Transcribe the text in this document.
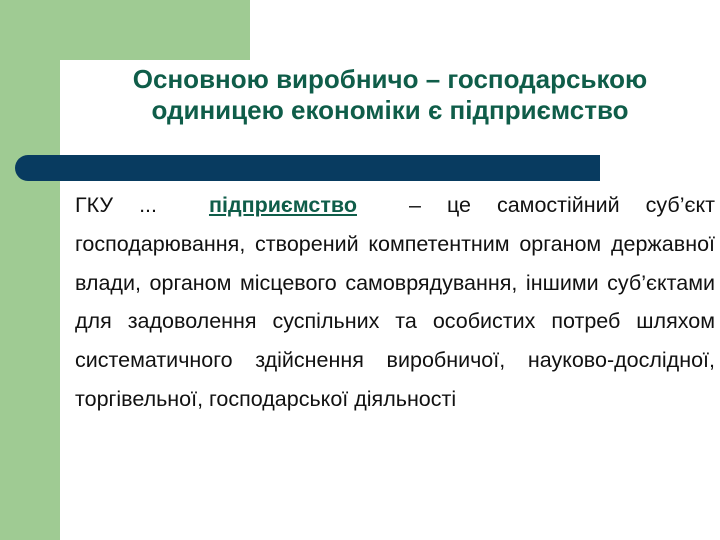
Основною виробничо – господарською
одиницею економіки є підприємство
ГКУ ... підприємство – це самостійний суб’єкт господарювання, створений компетентним органом державної влади, органом місцевого самоврядування, іншими суб’єктами для задоволення суспільних та особистих потреб шляхом систематичного здійснення виробничої, науково-дослідної, торгівельної, господарської діяльності
